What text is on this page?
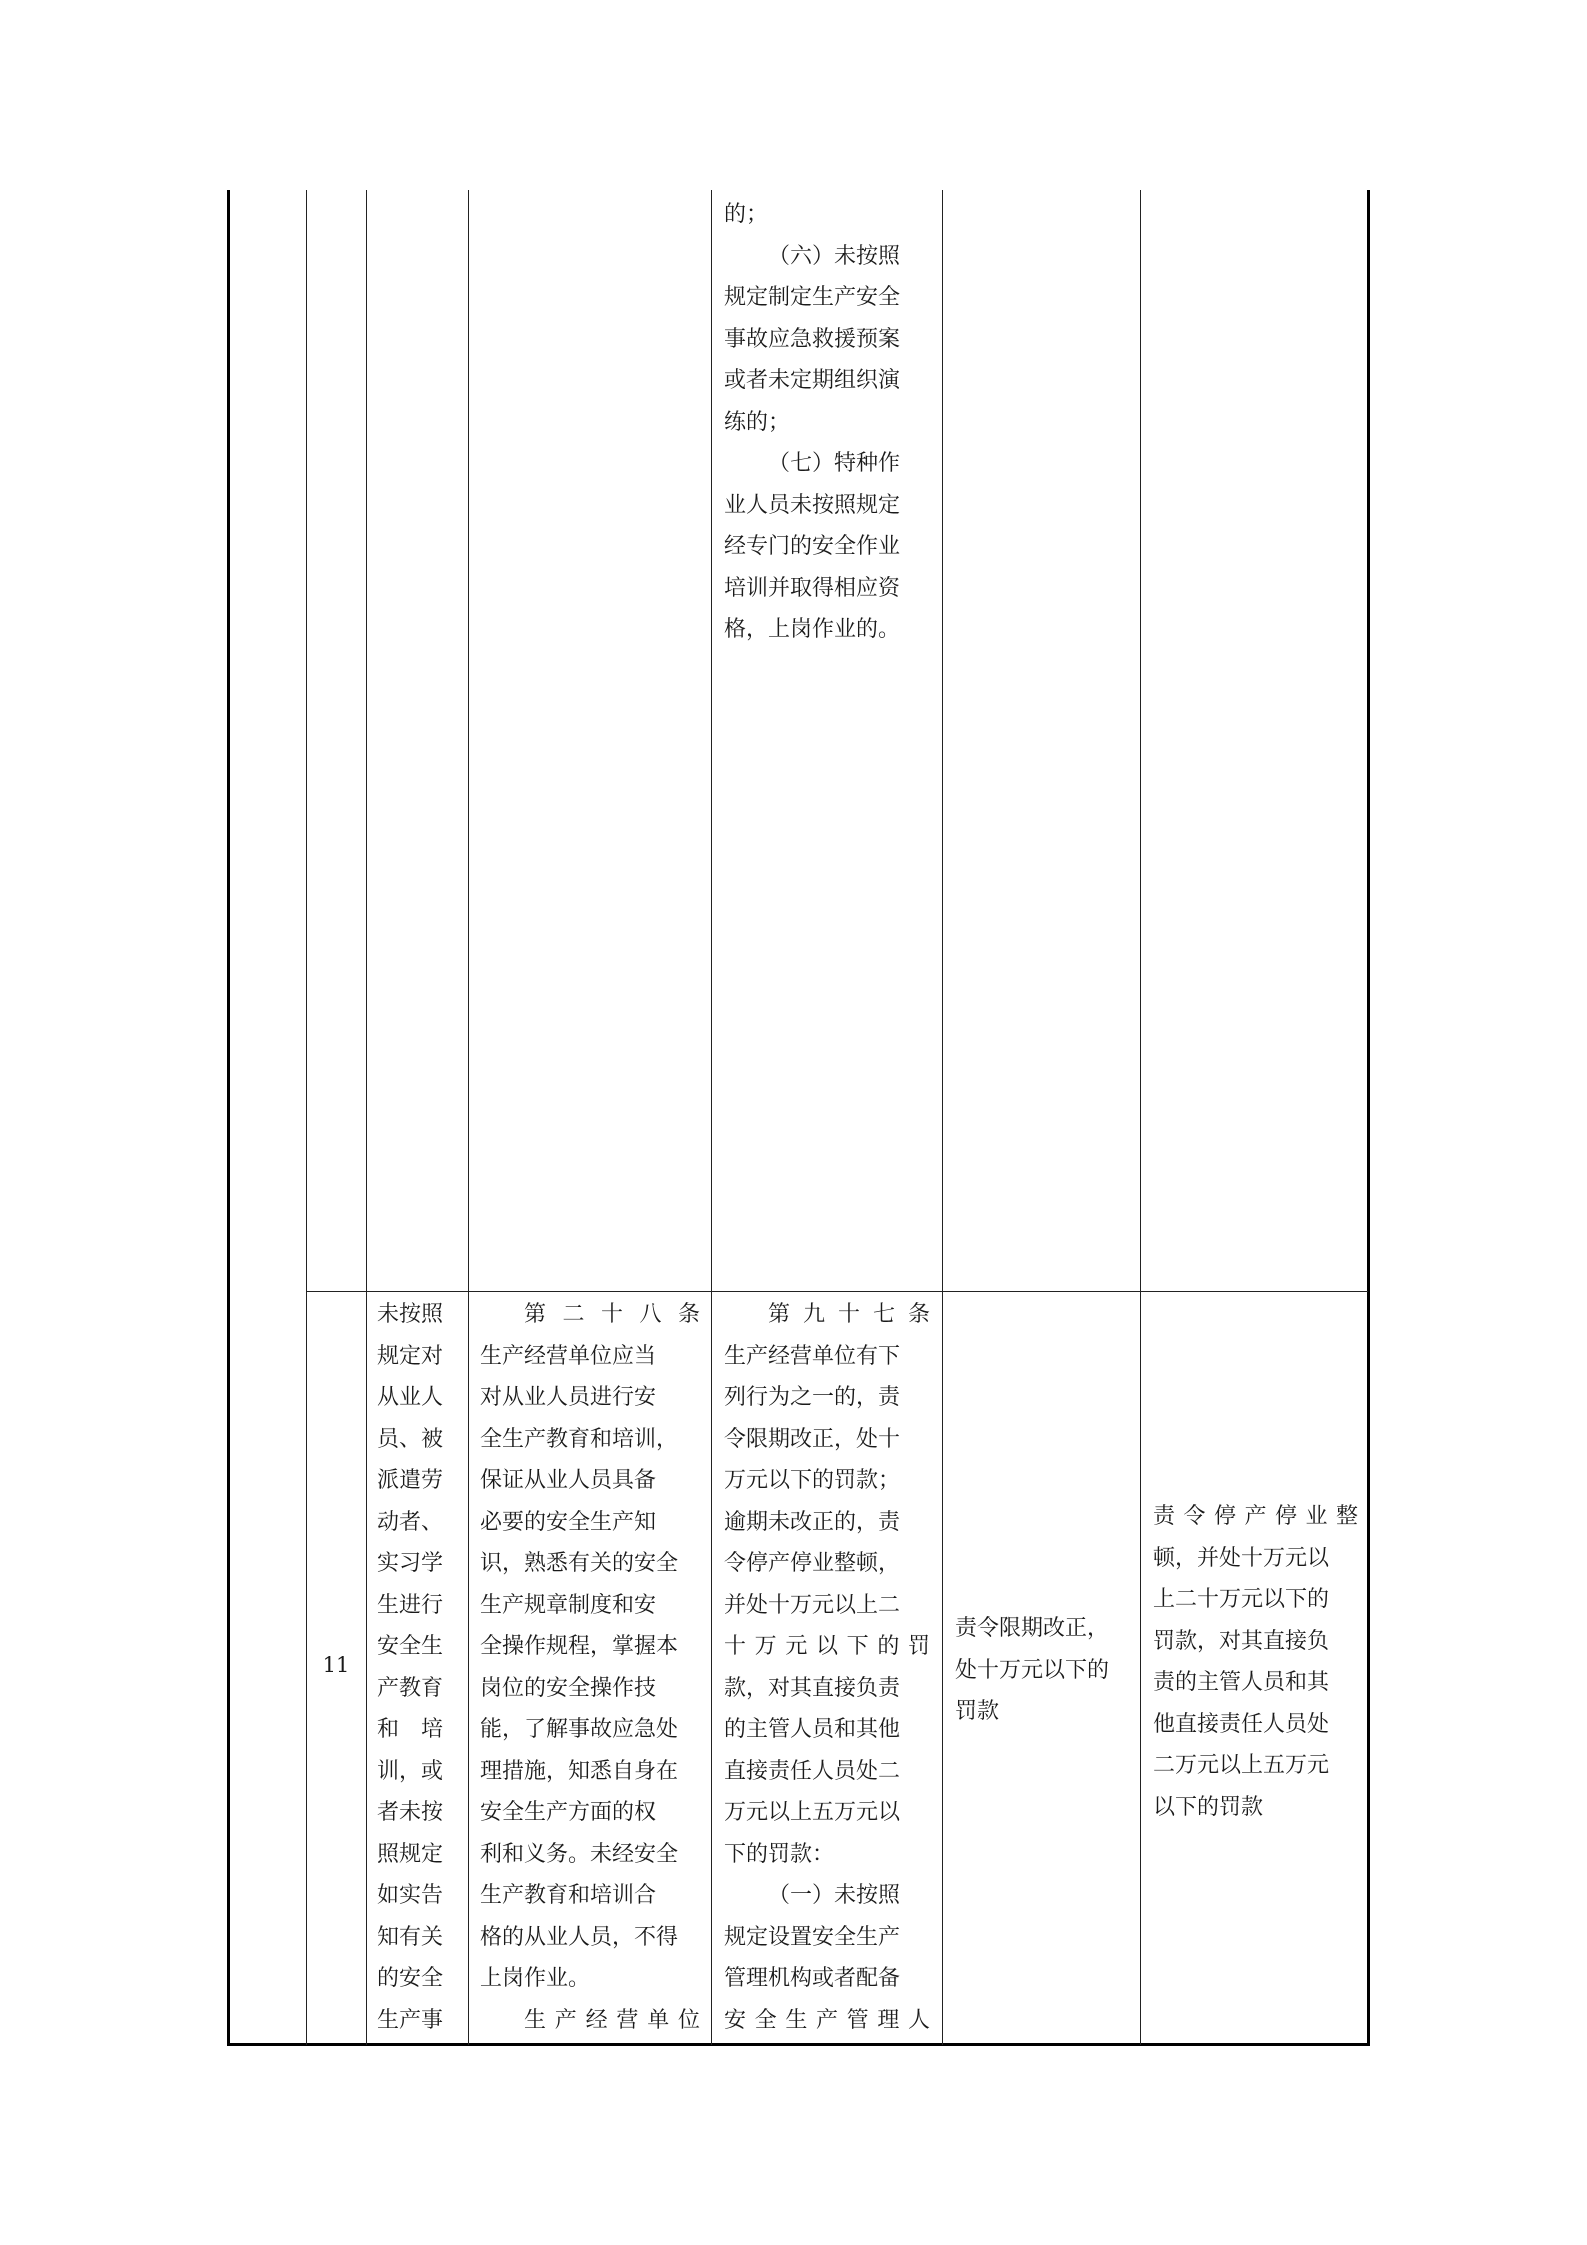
的；

（六）未按照

规定制定生产安全

事故应急救援预案

或者未定期组织演

练的；

（七）特种作

业人员未按照规定

经专门的安全作业

培训并取得相应资

格，上岗作业的。

11

未按照

规定对

从业人

员、被

派遣劳

动者、

实习学

生进行

安全生

产教育

和　培

训，或

者未按

照规定

如实告

知有关

的安全

生产事

第二十八条

生产经营单位应当

对从业人员进行安

全生产教育和培训，

保证从业人员具备

必要的安全生产知

识，熟悉有关的安全

生产规章制度和安

全操作规程，掌握本

岗位的安全操作技

能，了解事故应急处

理措施，知悉自身在

安全生产方面的权

利和义务。未经安全

生产教育和培训合

格的从业人员，不得

上岗作业。

生产经营单位

第九十七条

生产经营单位有下

列行为之一的，责

令限期改正，处十

万元以下的罚款；

逾期未改正的，责

令停产停业整顿，

并处十万元以上二

十万元以下的罚

款，对其直接负责

的主管人员和其他

直接责任人员处二

万元以上五万元以

下的罚款：

（一）未按照

规定设置安全生产

管理机构或者配备

安全生产管理人

责令限期改正，

处十万元以下的

罚款

责令停产停业整

顿，并处十万元以

上二十万元以下的

罚款，对其直接负

责的主管人员和其

他直接责任人员处

二万元以上五万元

以下的罚款
